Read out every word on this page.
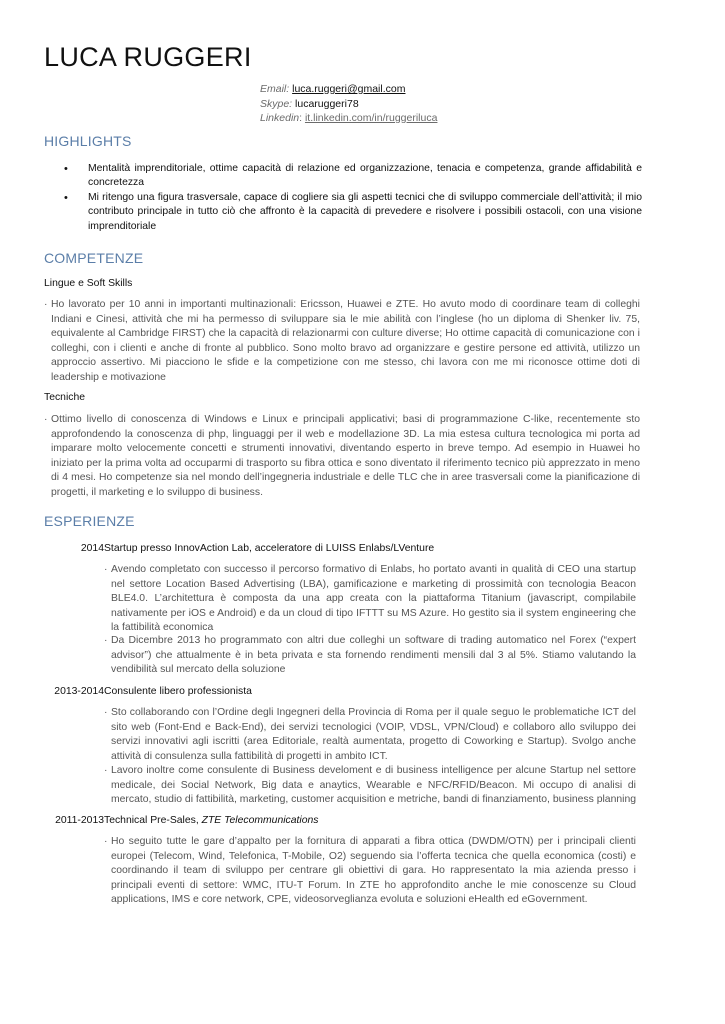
LUCA RUGGERI
Email: luca.ruggeri@gmail.com
Skype: lucaruggeri78
Linkedin: it.linkedin.com/in/ruggeriluca
HIGHLIGHTS
• Mentalità imprenditoriale, ottime capacità di relazione ed organizzazione, tenacia e competenza, grande affidabilità e concretezza
• Mi ritengo una figura trasversale, capace di cogliere sia gli aspetti tecnici che di sviluppo commerciale dell’attività; il mio contributo principale in tutto ciò che affronto è la capacità di prevedere e risolvere i possibili ostacoli, con una visione imprenditoriale
COMPETENZE
Lingue e Soft Skills
· Ho lavorato per 10 anni in importanti multinazionali: Ericsson, Huawei e ZTE. Ho avuto modo di coordinare team di colleghi Indiani e Cinesi, attività che mi ha permesso di sviluppare sia le mie abilità con l’inglese (ho un diploma di Shenker liv. 75, equivalente al Cambridge FIRST) che la capacità di relazionarmi con culture diverse; Ho ottime capacità di comunicazione con i colleghi, con i clienti e anche di fronte al pubblico. Sono molto bravo ad organizzare e gestire persone ed attività, utilizzo un approccio assertivo. Mi piacciono le sfide e la competizione con me stesso, chi lavora con me mi riconosce ottime doti di leadership e motivazione
Tecniche
· Ottimo livello di conoscenza di Windows e Linux e principali applicativi; basi di programmazione C-like, recentemente sto approfondendo la conoscenza di php, linguaggi per il web e modellazione 3D. La mia estesa cultura tecnologica mi porta ad imparare molto velocemente concetti e strumenti innovativi, diventando esperto in breve tempo. Ad esempio in Huawei ho iniziato per la prima volta ad occuparmi di trasporto su fibra ottica e sono diventato il riferimento tecnico più apprezzato in meno di 4 mesi. Ho competenze sia nel mondo dell’ingegneria industriale e delle TLC che in aree trasversali come la pianificazione di progetti, il marketing e lo sviluppo di business.
ESPERIENZE
2014 Startup presso InnovAction Lab, acceleratore di LUISS Enlabs/LVenture
· Avendo completato con successo il percorso formativo di Enlabs, ho portato avanti in qualità di CEO una startup nel settore Location Based Advertising (LBA), gamificazione e marketing di prossimità con tecnologia Beacon BLE4.0. L’architettura è composta da una app creata con la piattaforma Titanium (javascript, compilabile nativamente per iOS e Android) e da un cloud di tipo IFTTT su MS Azure. Ho gestito sia il system engineering che la fattibilità economica
· Da Dicembre 2013 ho programmato con altri due colleghi un software di trading automatico nel Forex (“expert advisor”) che attualmente è in beta privata e sta fornendo rendimenti mensili dal 3 al 5%. Stiamo valutando la vendibilità sul mercato della soluzione
2013-2014 Consulente libero professionista
· Sto collaborando con l’Ordine degli Ingegneri della Provincia di Roma per il quale seguo le problematiche ICT del sito web (Font-End e Back-End), dei servizi tecnologici (VOIP, VDSL, VPN/Cloud) e collaboro allo sviluppo dei servizi innovativi agli iscritti (area Editoriale, realtà aumentata, progetto di Coworking e Startup). Svolgo anche attività di consulenza sulla fattibilità di progetti in ambito ICT.
· Lavoro inoltre come consulente di Business develoment e di business intelligence per alcune Startup nel settore medicale, dei Social Network, Big data e anaytics, Wearable e NFC/RFID/Beacon. Mi occupo di analisi di mercato, studio di fattibilità, marketing, customer acquisition e metriche, bandi di finanziamento, business planning
2011-2013 Technical Pre-Sales, ZTE Telecommunications
· Ho seguito tutte le gare d’appalto per la fornitura di apparati a fibra ottica (DWDM/OTN) per i principali clienti europei (Telecom, Wind, Telefonica, T-Mobile, O2) seguendo sia l’offerta tecnica che quella economica (costi) e coordinando il team di sviluppo per centrare gli obiettivi di gara. Ho rappresentato la mia azienda presso i principali eventi di settore: WMC, ITU-T Forum. In ZTE ho approfondito anche le mie conoscenze su Cloud applications, IMS e core network, CPE, videosorveglianza evoluta e soluzioni eHealth ed eGovernment.
